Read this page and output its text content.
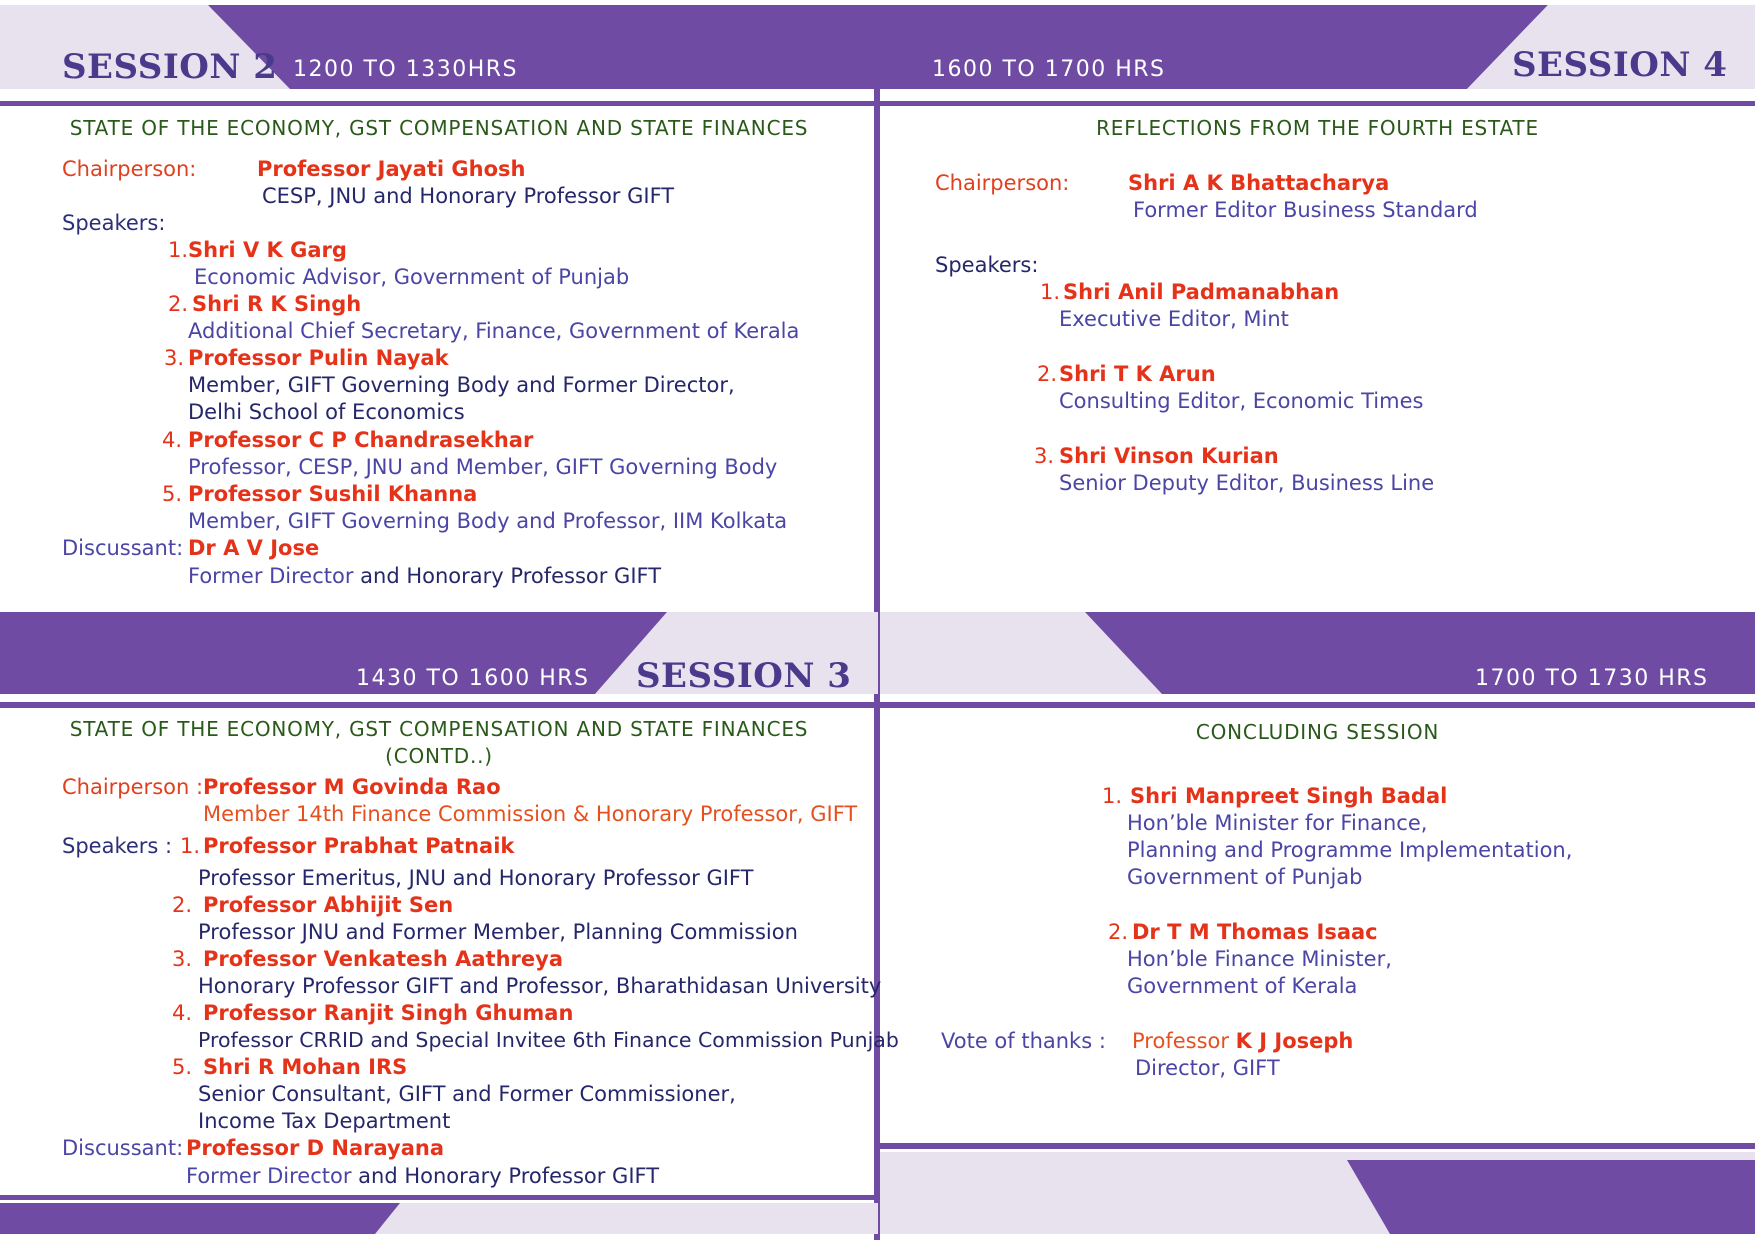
SESSION 2 1200 TO 1330HRS
STATE OF THE ECONOMY, GST COMPENSATION AND STATE FINANCES
Chairperson:	Professor Jayati Ghosh
CESP, JNU and Honorary Professor GIFT
Speakers:
1. Shri V K Garg
Economic Advisor, Government of Punjab
2. Shri R K Singh
Additional Chief Secretary, Finance, Government of Kerala
3. Professor Pulin Nayak
Member, GIFT Governing Body and Former Director,
Delhi School of Economics
4. Professor C P Chandrasekhar
Professor, CESP, JNU and Member, GIFT Governing Body
5. Professor Sushil Khanna
Member, GIFT Governing Body and Professor, IIM Kolkata
Discussant: Dr A V Jose
Former Director and Honorary Professor GIFT
1600 TO 1700 HRS	SESSION 4
REFLECTIONS FROM THE FOURTH ESTATE
Chairperson:	Shri A K Bhattacharya
Former Editor Business Standard
Speakers:
1. Shri Anil Padmanabhan
Executive Editor, Mint
2. Shri T K Arun
Consulting Editor, Economic Times
3. Shri Vinson Kurian
Senior Deputy Editor, Business Line
1430 TO 1600 HRS SESSION 3
STATE OF THE ECONOMY, GST COMPENSATION AND STATE FINANCES
(CONTD..)
Chairperson : Professor M Govinda Rao
Member 14th Finance Commission & Honorary Professor, GIFT
Speakers : 1. Professor Prabhat Patnaik
Professor Emeritus, JNU and Honorary Professor GIFT
2. Professor Abhijit Sen
Professor JNU and Former Member, Planning Commission
3. Professor Venkatesh Aathreya
Honorary Professor GIFT and Professor, Bharathidasan University
4. Professor Ranjit Singh Ghuman
Professor CRRID and Special Invitee 6th Finance Commission Punjab
5. Shri R Mohan IRS
Senior Consultant, GIFT and Former Commissioner,
Income Tax Department
Discussant: Professor D Narayana
Former Director and Honorary Professor GIFT
1700 TO 1730 HRS
CONCLUDING SESSION
1. Shri Manpreet Singh Badal
Hon’ble Minister for Finance,
Planning and Programme Implementation,
Government of Punjab
2. Dr T M Thomas Isaac
Hon’ble Finance Minister,
Government of Kerala
Vote of thanks : Professor K J Joseph
Director, GIFT
